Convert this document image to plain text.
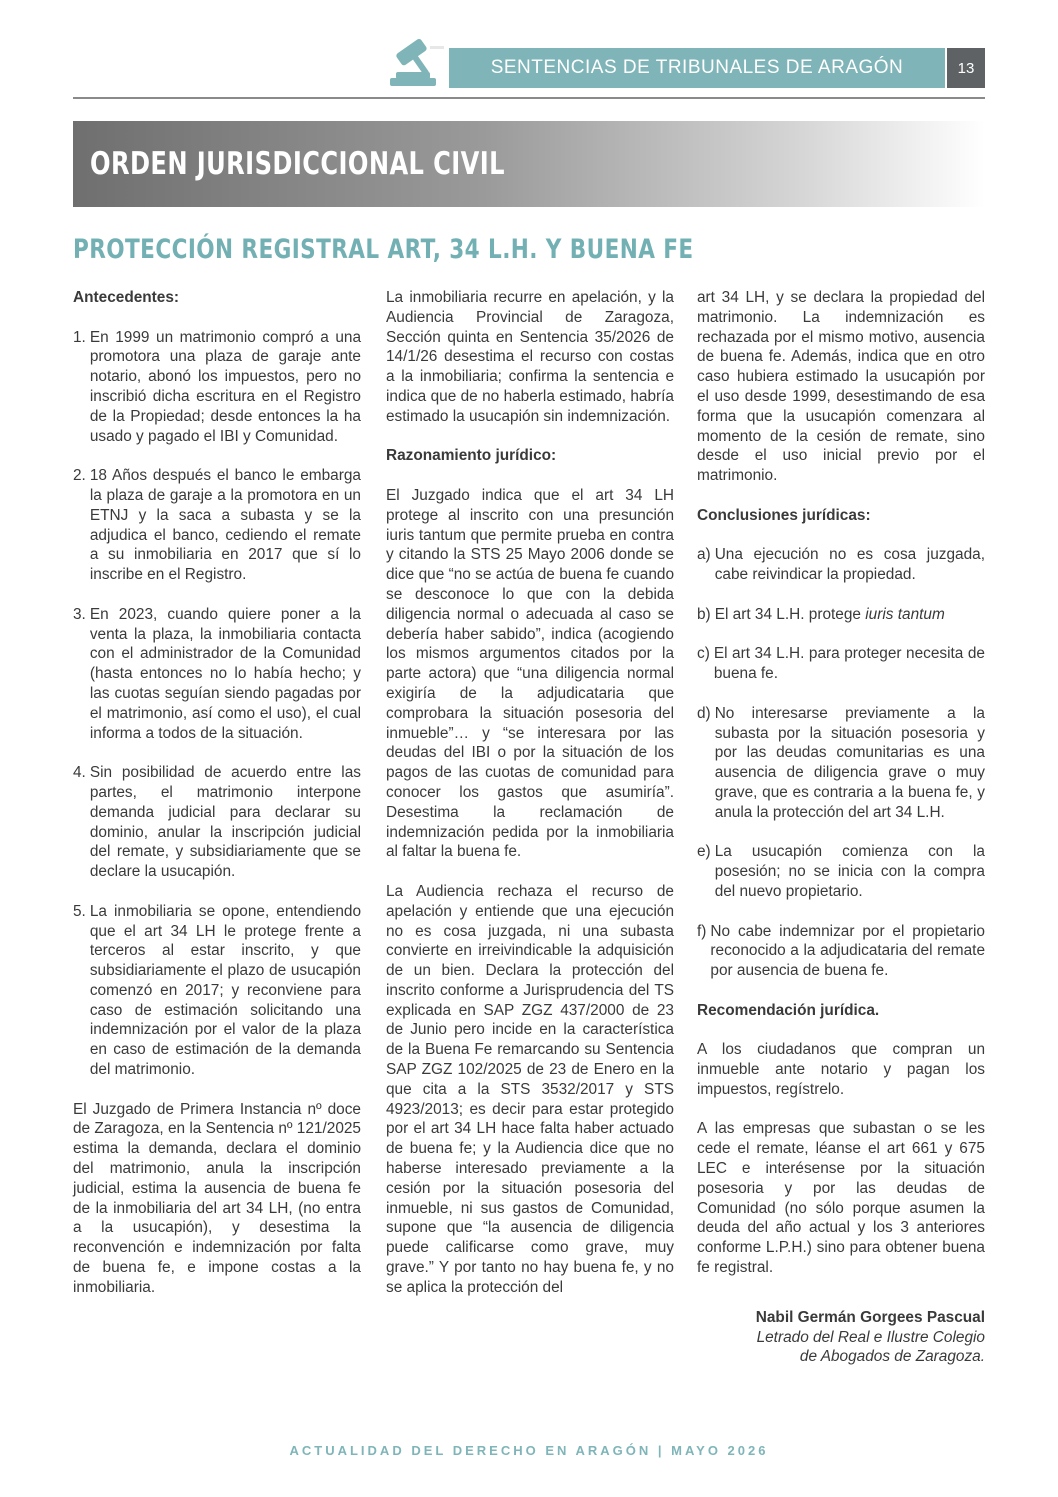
SENTENCIAS DE TRIBUNALES DE ARAGÓN	13
ORDEN JURISDICCIONAL CIVIL
PROTECCIÓN REGISTRAL ART, 34 L.H. Y BUENA FE
Antecedentes:
1. En 1999 un matrimonio compró a una promotora una plaza de garaje ante notario, abonó los impuestos, pero no inscribió dicha escritura en el Registro de la Propiedad; desde entonces la ha usado y pagado el IBI y Comunidad.
2. 18 Años después el banco le embarga la plaza de garaje a la promotora en un ETNJ y la saca a subasta y se la adjudica el banco, cediendo el remate a su inmobiliaria en 2017 que sí lo inscribe en el Registro.
3. En 2023, cuando quiere poner a la venta la plaza, la inmobiliaria contacta con el administrador de la Comunidad (hasta entonces no lo había hecho; y las cuotas seguían siendo pagadas por el matrimonio, así como el uso), el cual informa a todos de la situación.
4. Sin posibilidad de acuerdo entre las partes, el matrimonio interpone demanda judicial para declarar su dominio, anular la inscripción judicial del remate, y subsidiariamente que se declare la usucapión.
5. La inmobiliaria se opone, entendiendo que el art 34 LH le protege frente a terceros al estar inscrito, y que subsidiariamente el plazo de usucapión comenzó en 2017; y reconviene para caso de estimación solicitando una indemnización por el valor de la plaza en caso de estimación de la demanda del matrimonio.

El Juzgado de Primera Instancia nº doce de Zaragoza, en la Sentencia nº 121/2025 estima la demanda, declara el dominio del matrimonio, anula la inscripción judicial, estima la ausencia de buena fe de la inmobiliaria del art 34 LH, (no entra a la usucapión), y desestima la reconvención e indemnización por falta de buena fe, e impone costas a la inmobiliaria.

La inmobiliaria recurre en apelación, y la Audiencia Provincial de Zaragoza, Sección quinta en Sentencia 35/2026 de 14/1/26 desestima el recurso con costas a la inmobiliaria; confirma la sentencia e indica que de no haberla estimado, habría estimado la usucapión sin indemnización.

Razonamiento jurídico:

El Juzgado indica que el art 34 LH protege al inscrito con una presunción iuris tantum que permite prueba en contra y citando la STS 25 Mayo 2006 donde se dice que “no se actúa de buena fe cuando se desconoce lo que con la debida diligencia normal o adecuada al caso se debería haber sabido”, indica (acogiendo los mismos argumentos citados por la parte actora) que “una diligencia normal exigiría de la adjudicataria que comprobara la situación posesoria del inmueble”… y “se interesara por las deudas del IBI o por la situación de los pagos de las cuotas de comunidad para conocer los gastos que asumiría”. Desestima la reclamación de indemnización pedida por la inmobiliaria al faltar la buena fe.

La Audiencia rechaza el recurso de apelación y entiende que una ejecución no es cosa juzgada, ni una subasta convierte en irreivindicable la adquisición de un bien. Declara la protección del inscrito conforme a Jurisprudencia del TS explicada en SAP ZGZ 437/2000 de 23 de Junio pero incide en la característica de la Buena Fe remarcando su Sentencia SAP ZGZ 102/2025 de 23 de Enero en la que cita a la STS 3532/2017 y STS 4923/2013; es decir para estar protegido por el art 34 LH hace falta haber actuado de buena fe; y la Audiencia dice que no haberse interesado previamente a la cesión por la situación posesoria del inmueble, ni sus gastos de Comunidad, supone que “la ausencia de diligencia puede calificarse como grave, muy grave.” Y por tanto no hay buena fe, y no se aplica la protección del

art 34 LH, y se declara la propiedad del matrimonio. La indemnización es rechazada por el mismo motivo, ausencia de buena fe. Además, indica que en otro caso hubiera estimado la usucapión por el uso desde 1999, desestimando de esa forma que la usucapión comenzara al momento de la cesión de remate, sino desde el uso inicial previo por el matrimonio.

Conclusiones jurídicas:
a) Una ejecución no es cosa juzgada, cabe reivindicar la propiedad.
b) El art 34 L.H. protege iuris tantum
c) El art 34 L.H. para proteger necesita de buena fe.
d) No interesarse previamente a la subasta por la situación posesoria y por las deudas comunitarias es una ausencia de diligencia grave o muy grave, que es contraria a la buena fe, y anula la protección del art 34 L.H.
e) La usucapión comienza con la posesión; no se inicia con la compra del nuevo propietario.
f) No cabe indemnizar por el propietario reconocido a la adjudicataria del remate por ausencia de buena fe.
Recomendación jurídica.

A los ciudadanos que compran un inmueble ante notario y pagan los impuestos, regístrelo.

A las empresas que subastan o se les cede el remate, léanse el art 661 y 675 LEC e interésense por la situación posesoria y por las deudas de Comunidad (no sólo porque asumen la deuda del año actual y los 3 anteriores conforme L.P.H.) sino para obtener buena fe registral.

Nabil Germán Gorgees Pascual
Letrado del Real e Ilustre Colegio
de Abogados de Zaragoza.
ACTUALIDAD DEL DERECHO EN ARAGÓN | MAYO 2026
